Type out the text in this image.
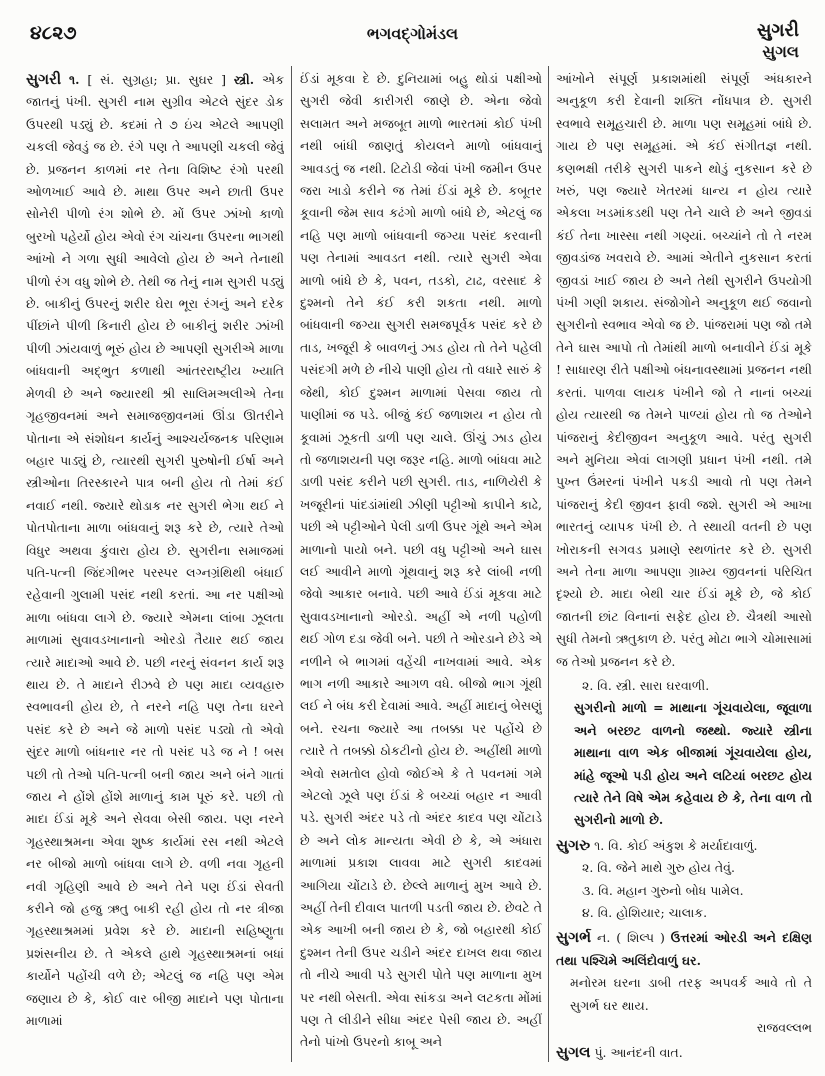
૪૮૨૭	ભગવદ્ગોમંડલ	સુગરી
સુગલ

સુગરી ૧. [ સં. સુગ્રહા; પ્રા. સુઘર ] સ્ત્રી. એક જાતનું પંખી. સુગરી નામ સુગ્રીવ એટલે સુંદર ડોક ઉપરથી પડ્યું છે. કદમાં તે ૭ ઇંચ એટલે આપણી ચકલી જેવડું જ છે. રંગે પણ તે આપણી ચકલી જેવું છે. પ્રજનન કાળમાં નર તેના વિશિષ્ટ રંગો પરથી ઓળખાઈ આવે છે. માથા ઉપર અને છાતી ઉપર સોનેરી પીળો રંગ શોભે છે. મોં ઉપર ઝાંખો કાળો બુરખો પહેર્યો હોય એવો રંગ ચાંચના ઉપરના ભાગથી આંખો ને ગળા સુધી આવેલો હોય છે અને તેનાથી પીળો રંગ વધુ શોભે છે. તેથી જ તેનું નામ સુગરી પડ્યું છે. બાકીનું ઉપરનું શરીર ઘેરા ભૂરા રંગનું અને દરેક પીંછાંને પીળી કિનારી હોય છે બાકીનું શરીર ઝાંખી પીળી ઝાંયવાળું ભૂરું હોય છે આપણી સુગરીએ માળા બાંધવાની અદ્ભુત કળાથી આંતરરાષ્ટ્રીય ખ્યાતિ મેળવી છે અને જ્યારથી શ્રી સાલિમઅલીએ તેના ગૃહજીવનમાં અને સમાજજીવનમાં ઊંડા ઊતરીને પોતાના એ સંશોધન કાર્યનું આશ્ચર્યજનક પરિણામ બહાર પાડ્યું છે, ત્યારથી સુગરી પુરુષોની ઈર્ષા અને સ્ત્રીઓના તિરસ્કારને પાત્ર બની હોય તો તેમાં કંઈ નવાઈ નથી. જ્યારે થોડાક નર સુગરી ભેગા થઈ ને પોતપોતાના માળા બાંધવાનું શરૂ કરે છે, ત્યારે તેઓ વિધુર અથવા કુંવારા હોય છે. સુગરીના સમાજમાં પતિ-પત્ની જિંદગીભર પરસ્પર લગ્નગ્રંથિથી બંધાઈ રહેવાની ગુલામી પસંદ નથી કરતાં. આ નર પક્ષીઓ માળા બાંધવા લાગે છે. જ્યારે એમના લાંબા ઝૂલતા માળામાં સુવાવડખાનાનો ઓરડો તૈયાર થઈ જાય ત્યારે માદાઓ આવે છે. પછી નરનું સંવનન કાર્ય શરૂ થાય છે. તે માદાને રીઝવે છે પણ માદા વ્યવહારુ સ્વભાવની હોય છે, તે નરને નહિ પણ તેના ઘરને પસંદ કરે છે અને જે માળો પસંદ પડ્યો તો એવો સુંદર માળો બાંધનાર નર તો પસંદ પડે જ ને ! બસ પછી તો તેઓ પતિ-પત્ની બની જાય અને બંને ગાતાં જાય ને હોંશે હોંશે માળાનું કામ પૂરું કરે. પછી તો માદા ઈંડાં મૂકે અને સેવવા બેસી જાય. પણ નરને ગૃહસ્થાશ્રમના એવા શુષ્ક કાર્યમાં રસ નથી એટલે નર બીજો માળો બાંધવા લાગે છે. વળી નવા ગૃહની નવી ગૃહિણી આવે છે અને તેને પણ ઈંડાં સેવતી કરીને જો હજુ ઋતુ બાકી રહી હોય તો નર ત્રીજા ગૃહસ્થાશ્રમમાં પ્રવેશ કરે છે. માદાની સહિષ્ણુતા પ્રશંસનીય છે. તે એકલે હાથે ગૃહસ્થાશ્રમનાં બધાં કાર્યોને પહોંચી વળે છે; એટલું જ નહિ પણ એમ જણાય છે કે, કોઈ વાર બીજી માદાને પણ પોતાના માળામાં

ઈંડાં મૂકવા દે છે. દુનિયામાં બહુ થોડાં પક્ષીઓ સુગરી જેવી કારીગરી જાણે છે. એના જેવો સલામત અને મજબૂત માળો ભારતમાં કોઈ પંખી નથી બાંધી જાણતું કોયલને માળો બાંધવાનું આવડતું જ નથી. ટિટોડી જેવાં પંખી જમીન ઉપર જરા ખાડો કરીને જ તેમાં ઈંડાં મૂકે છે. કબૂતર કૂવાની જેમ સાવ કઢંગો માળો બાંધે છે, એટલું જ નહિ પણ માળો બાંધવાની જગ્યા પસંદ કરવાની પણ તેનામાં આવડત નથી. ત્યારે સુગરી એવા માળો બાંધે છે કે, પવન, તડકો, ટાઢ, વરસાદ કે દુશ્મનો તેને કંઈ કરી શકતા નથી. માળો બાંધવાની જગ્યા સુગરી સમજપૂર્વક પસંદ કરે છે તાડ, ખજૂરી કે બાવળનું ઝાડ હોય તો તેને પહેલી પસંદગી મળે છે નીચે પાણી હોય તો વધારે સારું કે જેથી, કોઈ દુશ્મન માળામાં પેસવા જાય તો પાણીમાં જ પડે. બીજું કંઈ જળાશય ન હોય તો કૂવામાં ઝૂકતી ડાળી પણ ચાલે. ઊંચું ઝાડ હોય તો જળાશયની પણ જરૂર નહિ. માળો બાંધવા માટે ડાળી પસંદ કરીને પછી સુગરી. તાડ, નાળિયેરી કે ખજૂરીનાં પાંદડાંમાંથી ઝીણી પટ્ટીઓ કાપીને કાઢે, પછી એ પટ્ટીઓને પેલી ડાળી ઉપર ગૂંથે અને એમ માળાનો પાયો બને. પછી વધુ પટ્ટીઓ અને ઘાસ લઈ આવીને માળો ગૂંથવાનું શરૂ કરે લાંબી નળી જેવો આકાર બનાવે. પછી આવે ઈંડાં મૂકવા માટે સુવાવડખાનાનો ઓરડો. અહીં એ નળી પહોળી થઈ ગોળ દડા જેવી બને. પછી તે ઓરડાને છેડે એ નળીને બે ભાગમાં વહેંચી નાખવામાં આવે. એક ભાગ નળી આકારે આગળ વધે. બીજો ભાગ ગૂંથી લઈ ને બંધ કરી દેવામાં આવે. અહીં માદાનું બેસણું બને. રચના જ્યારે આ તબક્કા પર પહોંચે છે ત્યારે તે તબક્કો ઠોકટીનો હોય છે. અહીંથી માળો એવો સમતોલ હોવો જોઈએ કે તે પવનમાં ગમે એટલો ઝૂલે પણ ઈંડાં કે બચ્ચાં બહાર ન આવી પડે. સુગરી અંદર પડે તો અંદર કાદવ પણ ચોંટાડે છે અને લોક માન્યતા એવી છે કે, એ અંધારા માળામાં પ્રકાશ લાવવા માટે સુગરી કાદવમાં આગિયા ચોંટાડે છે. છેલ્લે માળાનું મુખ આવે છે. અહીં તેની દીવાલ પાતળી પડતી જાય છે. છેવટે તે એક આખી બની જાય છે કે, જો બહારથી કોઈ દુશ્મન તેની ઉપર ચડીને અંદર દાખલ થવા જાય તો નીચે આવી પડે સુગરી પોતે પણ માળાના મુખ પર નથી બેસતી. એવા સાંકડા અને લટકતા મોંમાં પણ તે લીડીને સીધા અંદર પેસી જાય છે. અહીં તેનો પાંખો ઉપરનો કાબૂ અને

આંખોને સંપૂર્ણ પ્રકાશમાંથી સંપૂર્ણ અંધકારને અનુકૂળ કરી દેવાની શક્તિ નોંધપાત્ર છે. સુગરી સ્વભાવે સમૂહચારી છે. માળા પણ સમૂહમાં બાંધે છે. ગાય છે પણ સમૂહમાં. એ કંઈ સંગીતજ્ઞ નથી. કણભક્ષી તરીકે સુગરી પાકને થોડું નુકસાન કરે છે ખરું, પણ જ્યારે ખેતરમાં ધાન્ય ન હોય ત્યારે એકલા ખડમાંકડથી પણ તેને ચાલે છે અને જીવડાં કંઈ તેના ખાસ્સા નથી ગણ્યાં. બચ્ચાંને તો તે નરમ જીવડાંજ ખવરાવે છે. આમાં એતીને નુકસાન કરતાં જીવડાં ખાઈ જાય છે અને તેથી સુગરીને ઉપયોગી પંખી ગણી શકાય. સંજોગોને અનુકૂળ થઈ જવાનો સુગરીનો સ્વભાવ એવો જ છે. પાંજરામાં પણ જો તમે તેને ઘાસ આપો તો તેમાંથી માળો બનાવીને ઈંડાં મૂકે ! સાધારણ રીતે પક્ષીઓ બંધનાવસ્થામાં પ્રજનન નથી કરતાં. પાળવા લાયક પંખીને જો તે નાનાં બચ્ચાં હોય ત્યારથી જ તેમને પાળ્યાં હોય તો જ તેઓને પાંજરાનું કેદીજીવન અનુકૂળ આવે. પરંતુ સુગરી અને મુનિયા એવાં લાગણી પ્રધાન પંખી નથી. તમે પુખ્ત ઉંમરનાં પંખીને પકડી આવો તો પણ તેમને પાંજરાનું કેદી જીવન ફાવી જશે. સુગરી એ આખા ભારતનું વ્યાપક પંખી છે. તે સ્થાયી વતની છે પણ ખોરાકની સગવડ પ્રમાણે સ્થળાંતર કરે છે. સુગરી અને તેના માળા આપણા ગ્રામ્ય જીવનનાં પરિચિત દૃશ્યો છે. માદા બેથી ચાર ઈંડાં મૂકે છે, જે કોઈ જાતની છાંટ વિનાનાં સફેદ હોય છે. ચૈત્રથી આસો સુધી તેમનો ઋતુકાળ છે. પરંતુ મોટા ભાગે ચોમાસામાં જ તેઓ પ્રજનન કરે છે.

૨. વિ. સ્ત્રી. સારા ઘરવાળી.

સુગરીનો માળો = માથાના ગૂંચવાયેલા, જૂવાળા અને બરછટ વાળનો જથ્થો. જ્યારે સ્ત્રીના માથાના વાળ એક બીજામાં ગૂંચવાયેલા હોય, માંહે જૂઓ પડી હોય અને લટિયાં બરછટ હોય ત્યારે તેને વિષે એમ કહેવાય છે કે, તેના વાળ તો સુગરીનો માળો છે.

સુગરુ ૧. વિ. કોઈ અંકુશ કે મર્યાદાવાળું.

૨. વિ. જેને માથે ગુરુ હોય તેવું.

૩. વિ. મહાન ગુરુનો બોધ પામેલ.

૪. વિ. હોશિયાર; ચાલાક.

સુગર્ભ ન. ( શિલ્પ ) ઉત્તરમાં ઓરડી અને દક્ષિણ તથા પશ્ચિમે અલિંદોવાળું ઘર.

મનોરમ ઘરના ડાબી તરફ અપવર્ક આવે તો તે સુગર્ભ ઘર થાય.

રાજવલ્લભ

સુગલ પું. આનંદની વાત.
